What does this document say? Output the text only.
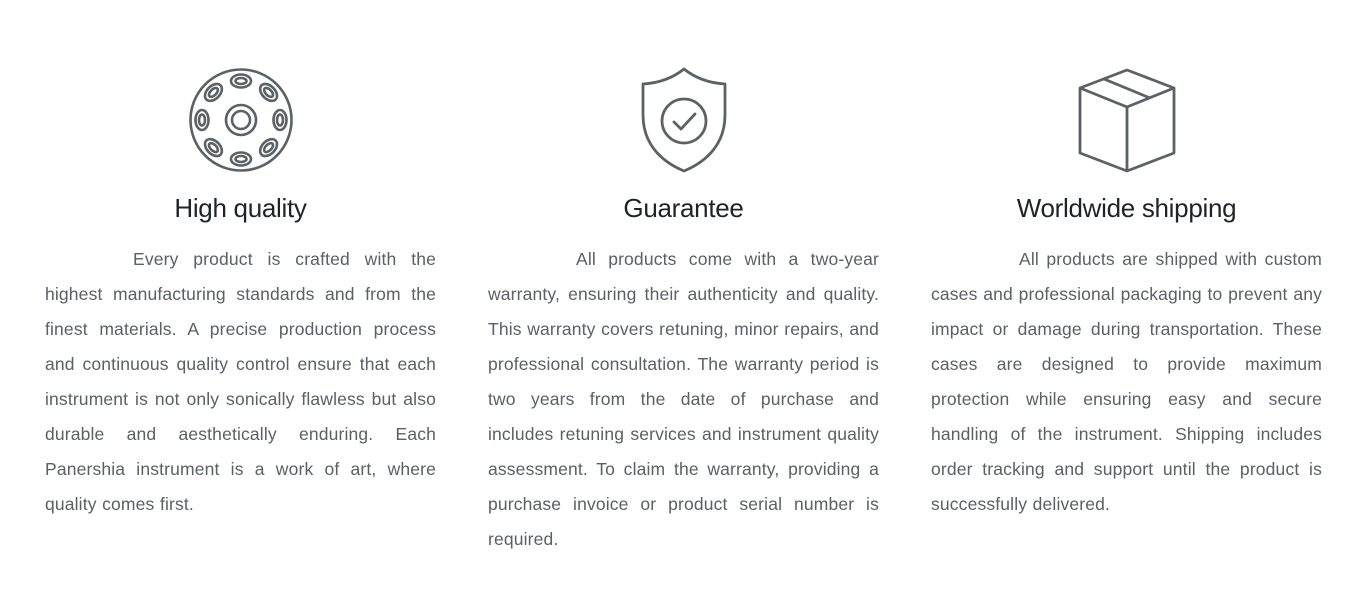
High quality

Every product is crafted with the highest manufacturing standards and from the finest materials. A precise production process and continuous quality control ensure that each instrument is not only sonically flawless but also durable and aesthetically enduring. Each Panershia instrument is a work of art, where quality comes first.

Guarantee

All products come with a two-year warranty, ensuring their authenticity and quality. This warranty covers retuning, minor repairs, and professional consultation. The warranty period is two years from the date of purchase and includes retuning services and instrument quality assessment. To claim the warranty, providing a purchase invoice or product serial number is required.

Worldwide shipping

All products are shipped with custom cases and professional packaging to prevent any impact or damage during transportation. These cases are designed to provide maximum protection while ensuring easy and secure handling of the instrument. Shipping includes order tracking and support until the product is successfully delivered.
